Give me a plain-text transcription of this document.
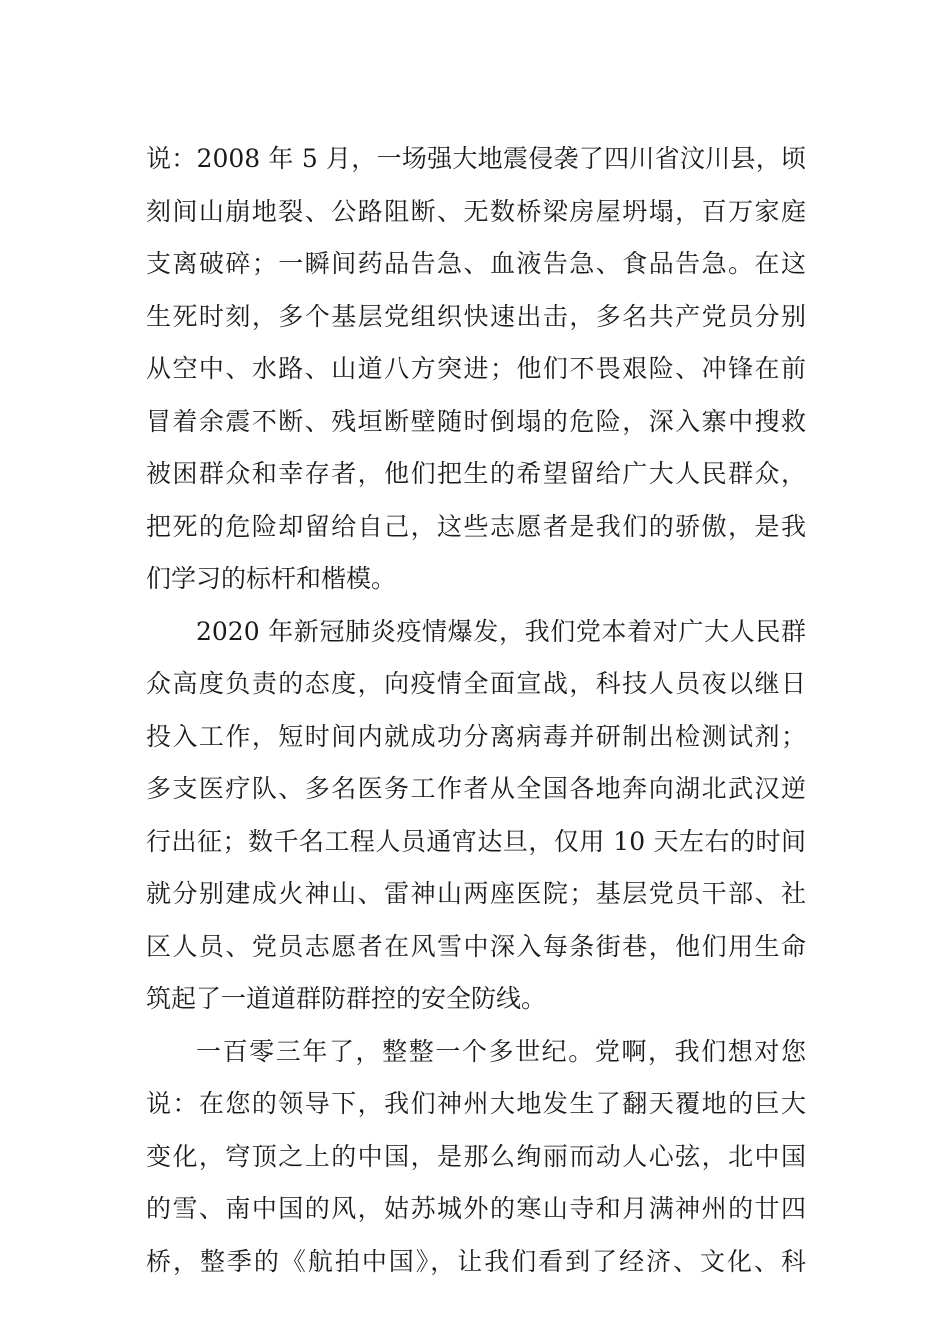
说：2008 年 5 月，一场强大地震侵袭了四川省汶川县，顷
刻间山崩地裂、公路阻断、无数桥梁房屋坍塌，百万家庭
支离破碎；一瞬间药品告急、血液告急、食品告急。在这
生死时刻，多个基层党组织快速出击，多名共产党员分别
从空中、水路、山道八方突进；他们不畏艰险、冲锋在前
冒着余震不断、残垣断壁随时倒塌的危险，深入寨中搜救
被困群众和幸存者，他们把生的希望留给广大人民群众，
把死的危险却留给自己，这些志愿者是我们的骄傲，是我
们学习的标杆和楷模。
2020 年新冠肺炎疫情爆发，我们党本着对广大人民群
众高度负责的态度，向疫情全面宣战，科技人员夜以继日
投入工作，短时间内就成功分离病毒并研制出检测试剂；
多支医疗队、多名医务工作者从全国各地奔向湖北武汉逆
行出征；数千名工程人员通宵达旦，仅用 10 天左右的时间
就分别建成火神山、雷神山两座医院；基层党员干部、社
区人员、党员志愿者在风雪中深入每条街巷，他们用生命
筑起了一道道群防群控的安全防线。
一百零三年了，整整一个多世纪。党啊，我们想对您
说：在您的领导下，我们神州大地发生了翻天覆地的巨大
变化，穹顶之上的中国，是那么绚丽而动人心弦，北中国
的雪、南中国的风，姑苏城外的寒山寺和月满神州的廿四
桥，整季的《航拍中国》，让我们看到了经济、文化、科
